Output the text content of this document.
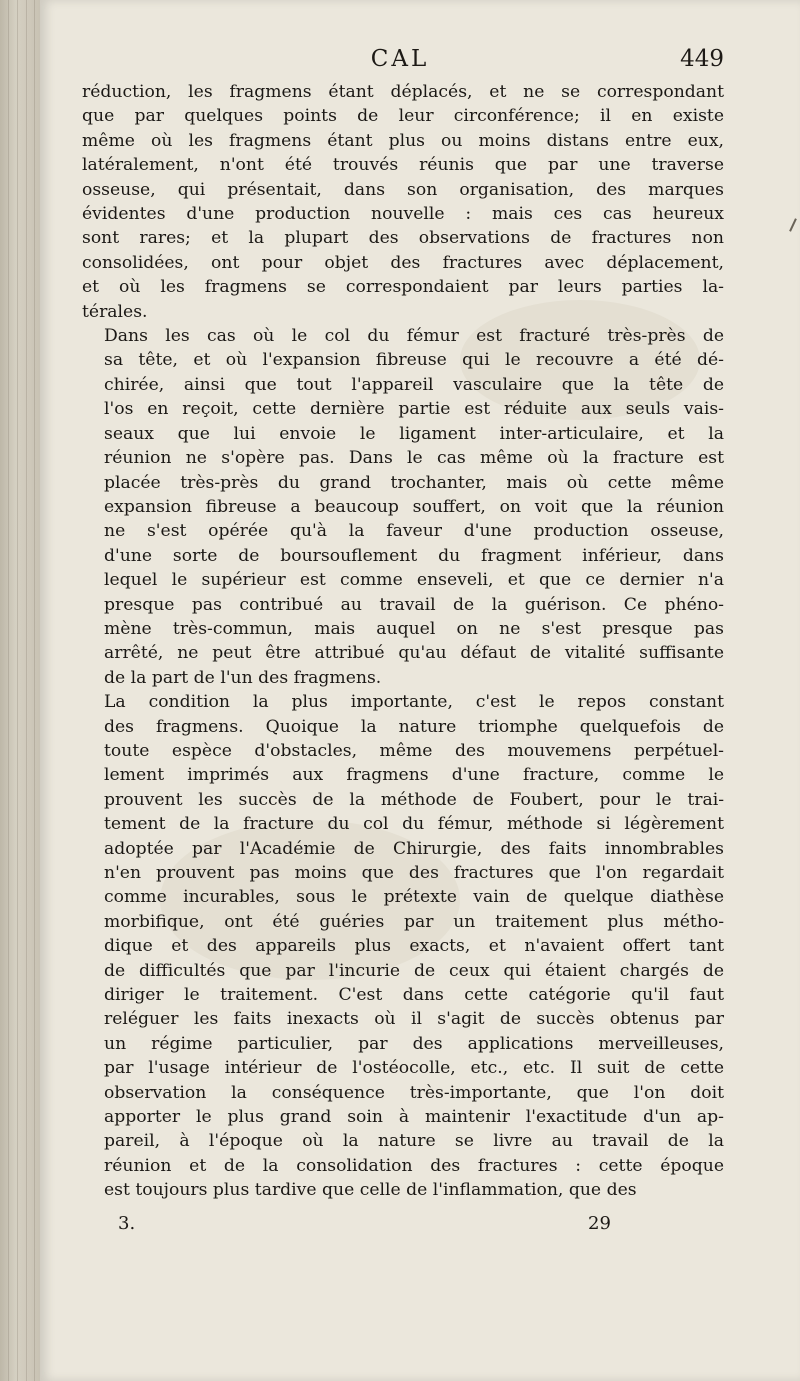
CAL	449

réduction, les fragmens étant déplacés, et ne se correspondant
que par quelques points de leur circonférence; il en existe
même où les fragmens étant plus ou moins distans entre eux,
latéralement, n'ont été trouvés réunis que par une traverse
osseuse, qui présentait, dans son organisation, des marques
évidentes d'une production nouvelle : mais ces cas heureux
sont rares; et la plupart des observations de fractures non
consolidées, ont pour objet des fractures avec déplacement,
et où les fragmens se correspondaient par leurs parties la-
térales.

Dans les cas où le col du fémur est fracturé très-près de
sa tête, et où l'expansion fibreuse qui le recouvre a été dé-
chirée, ainsi que tout l'appareil vasculaire que la tête de
l'os en reçoit, cette dernière partie est réduite aux seuls vais-
seaux que lui envoie le ligament inter-articulaire, et la
réunion ne s'opère pas. Dans le cas même où la fracture est
placée très-près du grand trochanter, mais où cette même
expansion fibreuse a beaucoup souffert, on voit que la réunion
ne s'est opérée qu'à la faveur d'une production osseuse,
d'une sorte de boursouflement du fragment inférieur, dans
lequel le supérieur est comme enseveli, et que ce dernier n'a
presque pas contribué au travail de la guérison. Ce phéno-
mène très-commun, mais auquel on ne s'est presque pas
arrêté, ne peut être attribué qu'au défaut de vitalité suffisante
de la part de l'un des fragmens.

La condition la plus importante, c'est le repos constant
des fragmens. Quoique la nature triomphe quelquefois de
toute espèce d'obstacles, même des mouvemens perpétuel-
lement imprimés aux fragmens d'une fracture, comme le
prouvent les succès de la méthode de Foubert, pour le trai-
tement de la fracture du col du fémur, méthode si légèrement
adoptée par l'Académie de Chirurgie, des faits innombrables
n'en prouvent pas moins que des fractures que l'on regardait
comme incurables, sous le prétexte vain de quelque diathèse
morbifique, ont été guéries par un traitement plus métho-
dique et des appareils plus exacts, et n'avaient offert tant
de difficultés que par l'incurie de ceux qui étaient chargés de
diriger le traitement. C'est dans cette catégorie qu'il faut
reléguer les faits inexacts où il s'agit de succès obtenus par
un régime particulier, par des applications merveilleuses,
par l'usage intérieur de l'ostéocolle, etc., etc. Il suit de cette
observation la conséquence très-importante, que l'on doit
apporter le plus grand soin à maintenir l'exactitude d'un ap-
pareil, à l'époque où la nature se livre au travail de la
réunion et de la consolidation des fractures : cette époque
est toujours plus tardive que celle de l'inflammation, que des

3.	29
